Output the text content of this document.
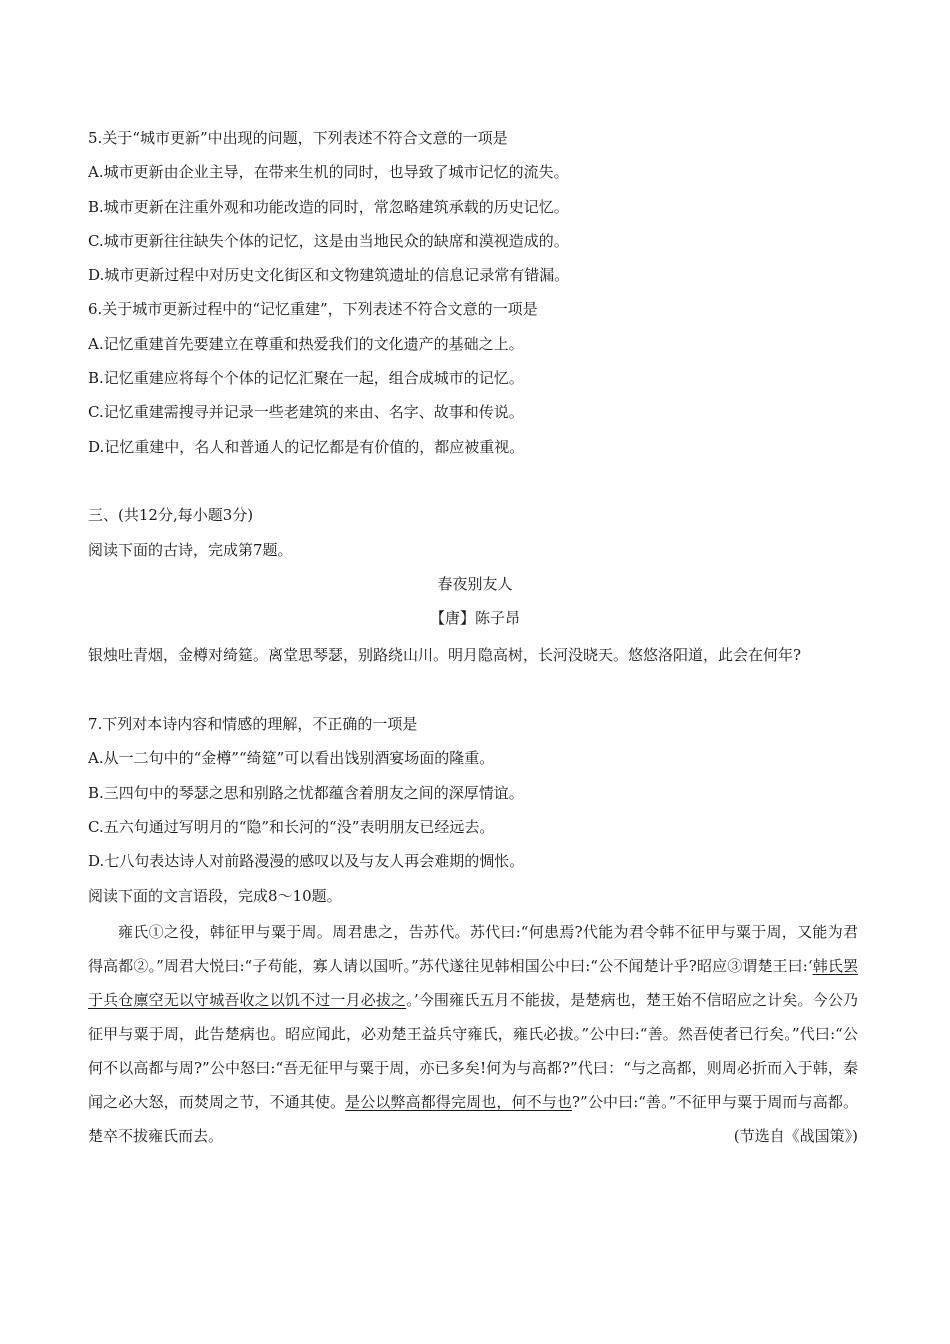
5.关于“城市更新”中出现的问题，下列表述不符合文意的一项是
A.城市更新由企业主导，在带来生机的同时，也导致了城市记忆的流失。
B.城市更新在注重外观和功能改造的同时，常忽略建筑承载的历史记忆。
C.城市更新往往缺失个体的记忆，这是由当地民众的缺席和漠视造成的。
D.城市更新过程中对历史文化街区和文物建筑遗址的信息记录常有错漏。
6.关于城市更新过程中的“记忆重建”，下列表述不符合文意的一项是
A.记忆重建首先要建立在尊重和热爱我们的文化遗产的基础之上。
B.记忆重建应将每个个体的记忆汇聚在一起，组合成城市的记忆。
C.记忆重建需搜寻并记录一些老建筑的来由、名字、故事和传说。
D.记忆重建中，名人和普通人的记忆都是有价值的，都应被重视。
三、(共12分,每小题3分)
阅读下面的古诗，完成第7题。
春夜别友人
【唐】陈子昂
银烛吐青烟，金樽对绮筵。离堂思琴瑟，别路绕山川。明月隐高树，长河没晓天。悠悠洛阳道，此会在何年?
7.下列对本诗内容和情感的理解，不正确的一项是
A.从一二句中的“金樽”“绮筵”可以看出饯别酒宴场面的隆重。
B.三四句中的琴瑟之思和别路之忧都蕴含着朋友之间的深厚情谊。
C.五六句通过写明月的“隐”和长河的“没”表明朋友已经远去。
D.七八句表达诗人对前路漫漫的感叹以及与友人再会难期的惆怅。
阅读下面的文言语段，完成8～10题。
雍氏①之役，韩征甲与粟于周。周君患之，告苏代。苏代曰:“何患焉?代能为君令韩不征甲与粟于周，又能为君得高都②。”周君大悦曰:“子苟能，寡人请以国听。”苏代遂往见韩相国公中曰:“公不闻楚计乎?昭应③谓楚王曰:‘韩氏罢于兵仓廪空无以守城吾收之以饥不过一月必拔之。’今围雍氏五月不能拔，是楚病也，楚王始不信昭应之计矣。今公乃征甲与粟于周，此告楚病也。昭应闻此，必劝楚王益兵守雍氏，雍氏必拔。”公中曰:“善。然吾使者已行矣。”代曰:“公何不以高都与周?”公中怒曰:“吾无征甲与粟于周，亦已多矣!何为与高都?”代曰：“与之高都，则周必折而入于韩，秦闻之必大怒，而焚周之节，不通其使。是公以弊高都得完周也，何不与也?”公中曰:“善。”不征甲与粟于周而与高都。楚卒不拔雍氏而去。	(节选自《战国策》)
